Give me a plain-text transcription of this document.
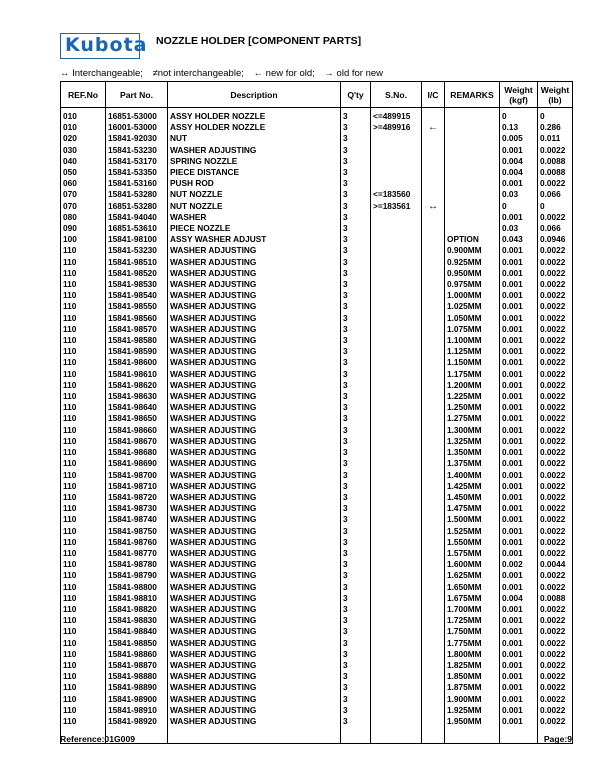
Kubota NOZZLE HOLDER [COMPONENT PARTS]
↔ Interchangeable; ≠not interchangeable; ← new for old; → old for new
REF.No	Part No.	Description	Q'ty	S.No.	I/C	REMARKS	Weight (kgf)	Weight (lb)
010	16851-53000	ASSY HOLDER NOZZLE	3	<=489915			0	0
010	16001-53000	ASSY HOLDER NOZZLE	3	>=489916	←		0.13	0.286
020	15841-92030	NUT	3				0.005	0.011
030	15841-53230	WASHER ADJUSTING	3				0.001	0.0022
040	15841-53170	SPRING NOZZLE	3				0.004	0.0088
050	15841-53350	PIECE DISTANCE	3				0.004	0.0088
060	15841-53160	PUSH ROD	3				0.001	0.0022
070	15841-53280	NUT NOZZLE	3	<=183560			0.03	0.066
070	16851-53280	NUT NOZZLE	3	>=183561	↔		0	0
080	15841-94040	WASHER	3				0.001	0.0022
090	16851-53610	PIECE NOZZLE	3				0.03	0.066
100	15841-98100	ASSY WASHER ADJUST	3			OPTION	0.043	0.0946
110	15841-53230	WASHER ADJUSTING	3			0.900MM	0.001	0.0022
110	15841-98510	WASHER ADJUSTING	3			0.925MM	0.001	0.0022
110	15841-98520	WASHER ADJUSTING	3			0.950MM	0.001	0.0022
110	15841-98530	WASHER ADJUSTING	3			0.975MM	0.001	0.0022
110	15841-98540	WASHER ADJUSTING	3			1.000MM	0.001	0.0022
110	15841-98550	WASHER ADJUSTING	3			1.025MM	0.001	0.0022
110	15841-98560	WASHER ADJUSTING	3			1.050MM	0.001	0.0022
110	15841-98570	WASHER ADJUSTING	3			1.075MM	0.001	0.0022
110	15841-98580	WASHER ADJUSTING	3			1.100MM	0.001	0.0022
110	15841-98590	WASHER ADJUSTING	3			1.125MM	0.001	0.0022
110	15841-98600	WASHER ADJUSTING	3			1.150MM	0.001	0.0022
110	15841-98610	WASHER ADJUSTING	3			1.175MM	0.001	0.0022
110	15841-98620	WASHER ADJUSTING	3			1.200MM	0.001	0.0022
110	15841-98630	WASHER ADJUSTING	3			1.225MM	0.001	0.0022
110	15841-98640	WASHER ADJUSTING	3			1.250MM	0.001	0.0022
110	15841-98650	WASHER ADJUSTING	3			1.275MM	0.001	0.0022
110	15841-98660	WASHER ADJUSTING	3			1.300MM	0.001	0.0022
110	15841-98670	WASHER ADJUSTING	3			1.325MM	0.001	0.0022
110	15841-98680	WASHER ADJUSTING	3			1.350MM	0.001	0.0022
110	15841-98690	WASHER ADJUSTING	3			1.375MM	0.001	0.0022
110	15841-98700	WASHER ADJUSTING	3			1.400MM	0.001	0.0022
110	15841-98710	WASHER ADJUSTING	3			1.425MM	0.001	0.0022
110	15841-98720	WASHER ADJUSTING	3			1.450MM	0.001	0.0022
110	15841-98730	WASHER ADJUSTING	3			1.475MM	0.001	0.0022
110	15841-98740	WASHER ADJUSTING	3			1.500MM	0.001	0.0022
110	15841-98750	WASHER ADJUSTING	3			1.525MM	0.001	0.0022
110	15841-98760	WASHER ADJUSTING	3			1.550MM	0.001	0.0022
110	15841-98770	WASHER ADJUSTING	3			1.575MM	0.001	0.0022
110	15841-98780	WASHER ADJUSTING	3			1.600MM	0.002	0.0044
110	15841-98790	WASHER ADJUSTING	3			1.625MM	0.001	0.0022
110	15841-98800	WASHER ADJUSTING	3			1.650MM	0.001	0.0022
110	15841-98810	WASHER ADJUSTING	3			1.675MM	0.004	0.0088
110	15841-98820	WASHER ADJUSTING	3			1.700MM	0.001	0.0022
110	15841-98830	WASHER ADJUSTING	3			1.725MM	0.001	0.0022
110	15841-98840	WASHER ADJUSTING	3			1.750MM	0.001	0.0022
110	15841-98850	WASHER ADJUSTING	3			1.775MM	0.001	0.0022
110	15841-98860	WASHER ADJUSTING	3			1.800MM	0.001	0.0022
110	15841-98870	WASHER ADJUSTING	3			1.825MM	0.001	0.0022
110	15841-98880	WASHER ADJUSTING	3			1.850MM	0.001	0.0022
110	15841-98890	WASHER ADJUSTING	3			1.875MM	0.001	0.0022
110	15841-98900	WASHER ADJUSTING	3			1.900MM	0.001	0.0022
110	15841-98910	WASHER ADJUSTING	3			1.925MM	0.001	0.0022
110	15841-98920	WASHER ADJUSTING	3			1.950MM	0.001	0.0022

Reference:01G009	Page:9
